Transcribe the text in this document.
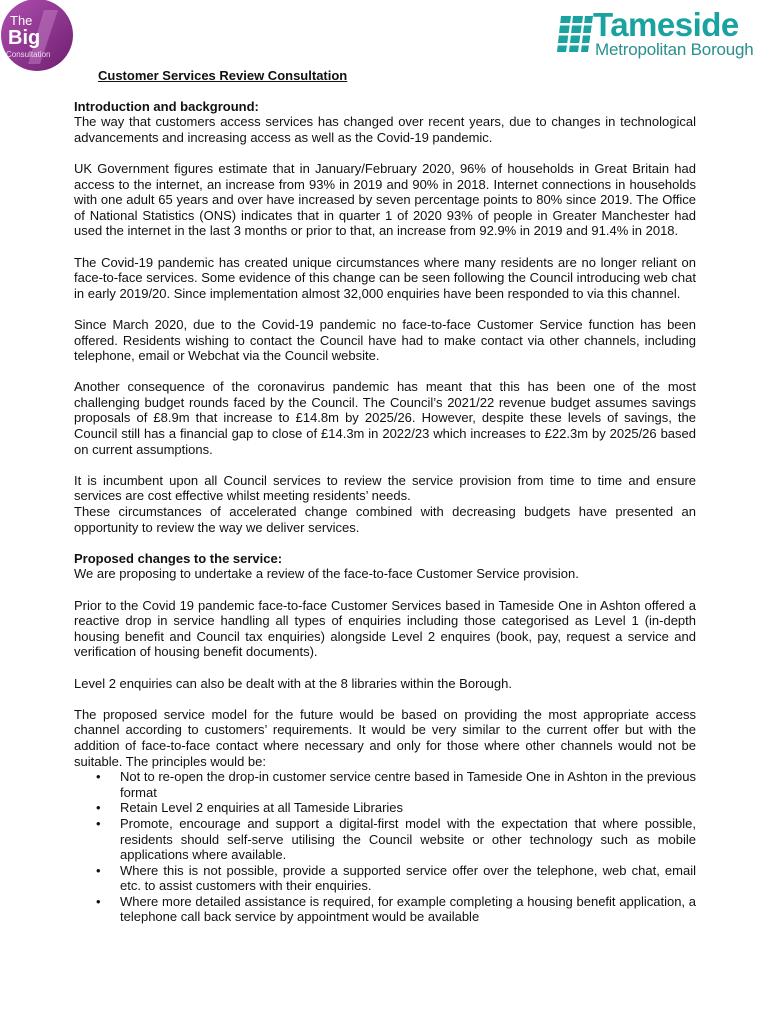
The
Big
Consultation
Tameside
Metropolitan Borough
Customer Services Review Consultation
Introduction and background:

The way that customers access services has changed over recent years, due to changes in technological advancements and increasing access as well as the Covid-19 pandemic.

UK Government figures estimate that in January/February 2020, 96% of households in Great Britain had access to the internet, an increase from 93% in 2019 and 90% in 2018. Internet connections in households with one adult 65 years and over have increased by seven percentage points to 80% since 2019. The Office of National Statistics (ONS) indicates that in quarter 1 of 2020 93% of people in Greater Manchester had used the internet in the last 3 months or prior to that, an increase from 92.9% in 2019 and 91.4% in 2018.

The Covid-19 pandemic has created unique circumstances where many residents are no longer reliant on face-to-face services. Some evidence of this change can be seen following the Council introducing web chat in early 2019/20. Since implementation almost 32,000 enquiries have been responded to via this channel.

Since March 2020, due to the Covid-19 pandemic no face-to-face Customer Service function has been offered. Residents wishing to contact the Council have had to make contact via other channels, including telephone, email or Webchat via the Council website.

Another consequence of the coronavirus pandemic has meant that this has been one of the most challenging budget rounds faced by the Council. The Council’s 2021/22 revenue budget assumes savings proposals of £8.9m that increase to £14.8m by 2025/26. However, despite these levels of savings, the Council still has a financial gap to close of £14.3m in 2022/23 which increases to £22.3m by 2025/26 based on current assumptions.

It is incumbent upon all Council services to review the service provision from time to time and ensure services are cost effective whilst meeting residents’ needs.

These circumstances of accelerated change combined with decreasing budgets have presented an opportunity to review the way we deliver services.

Proposed changes to the service:

We are proposing to undertake a review of the face-to-face Customer Service provision.

Prior to the Covid 19 pandemic face-to-face Customer Services based in Tameside One in Ashton offered a reactive drop in service handling all types of enquiries including those categorised as Level 1 (in-depth housing benefit and Council tax enquiries) alongside Level 2 enquires (book, pay, request a service and verification of housing benefit documents).

Level 2 enquiries can also be dealt with at the 8 libraries within the Borough.

The proposed service model for the future would be based on providing the most appropriate access channel according to customers’ requirements. It would be very similar to the current offer but with the addition of face-to-face contact where necessary and only for those where other channels would not be suitable. The principles would be:

• Not to re-open the drop-in customer service centre based in Tameside One in Ashton in the previous format
• Retain Level 2 enquiries at all Tameside Libraries
• Promote, encourage and support a digital-first model with the expectation that where possible, residents should self-serve utilising the Council website or other technology such as mobile applications where available.
• Where this is not possible, provide a supported service offer over the telephone, web chat, email etc. to assist customers with their enquiries.
• Where more detailed assistance is required, for example completing a housing benefit application, a telephone call back service by appointment would be available
